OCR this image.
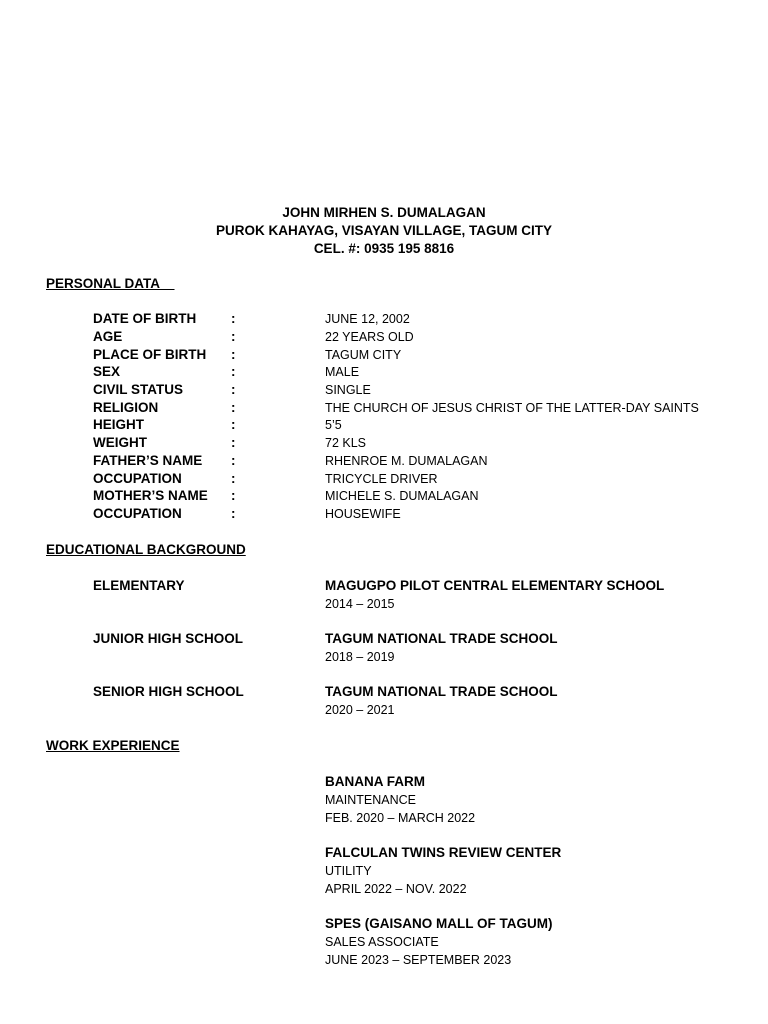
JOHN MIRHEN S. DUMALAGAN
PUROK KAHAYAG, VISAYAN VILLAGE, TAGUM CITY
CEL. #: 0935 195 8816
PERSONAL DATA
DATE OF BIRTH	:	JUNE 12, 2002
AGE	:	22 YEARS OLD
PLACE OF BIRTH :	TAGUM CITY
SEX	:	MALE
CIVIL STATUS	:	SINGLE
RELIGION	:	THE CHURCH OF JESUS CHRIST OF THE LATTER-DAY SAINTS
HEIGHT	:	5’5
WEIGHT	:	72 KLS
FATHER’S NAME :	RHENROE M. DUMALAGAN
OCCUPATION	:	TRICYCLE DRIVER
MOTHER’S NAME :	MICHELE S. DUMALAGAN
OCCUPATION	:	HOUSEWIFE
EDUCATIONAL BACKGROUND
ELEMENTARY	MAGUGPO PILOT CENTRAL ELEMENTARY SCHOOL
2014 – 2015
JUNIOR HIGH SCHOOL	TAGUM NATIONAL TRADE SCHOOL
2018 – 2019
SENIOR HIGH SCHOOL	TAGUM NATIONAL TRADE SCHOOL
2020 – 2021
WORK EXPERIENCE
BANANA FARM
MAINTENANCE
FEB. 2020 – MARCH 2022
FALCULAN TWINS REVIEW CENTER
UTILITY
APRIL 2022 – NOV. 2022
SPES (GAISANO MALL OF TAGUM)
SALES ASSOCIATE
JUNE 2023 – SEPTEMBER 2023
